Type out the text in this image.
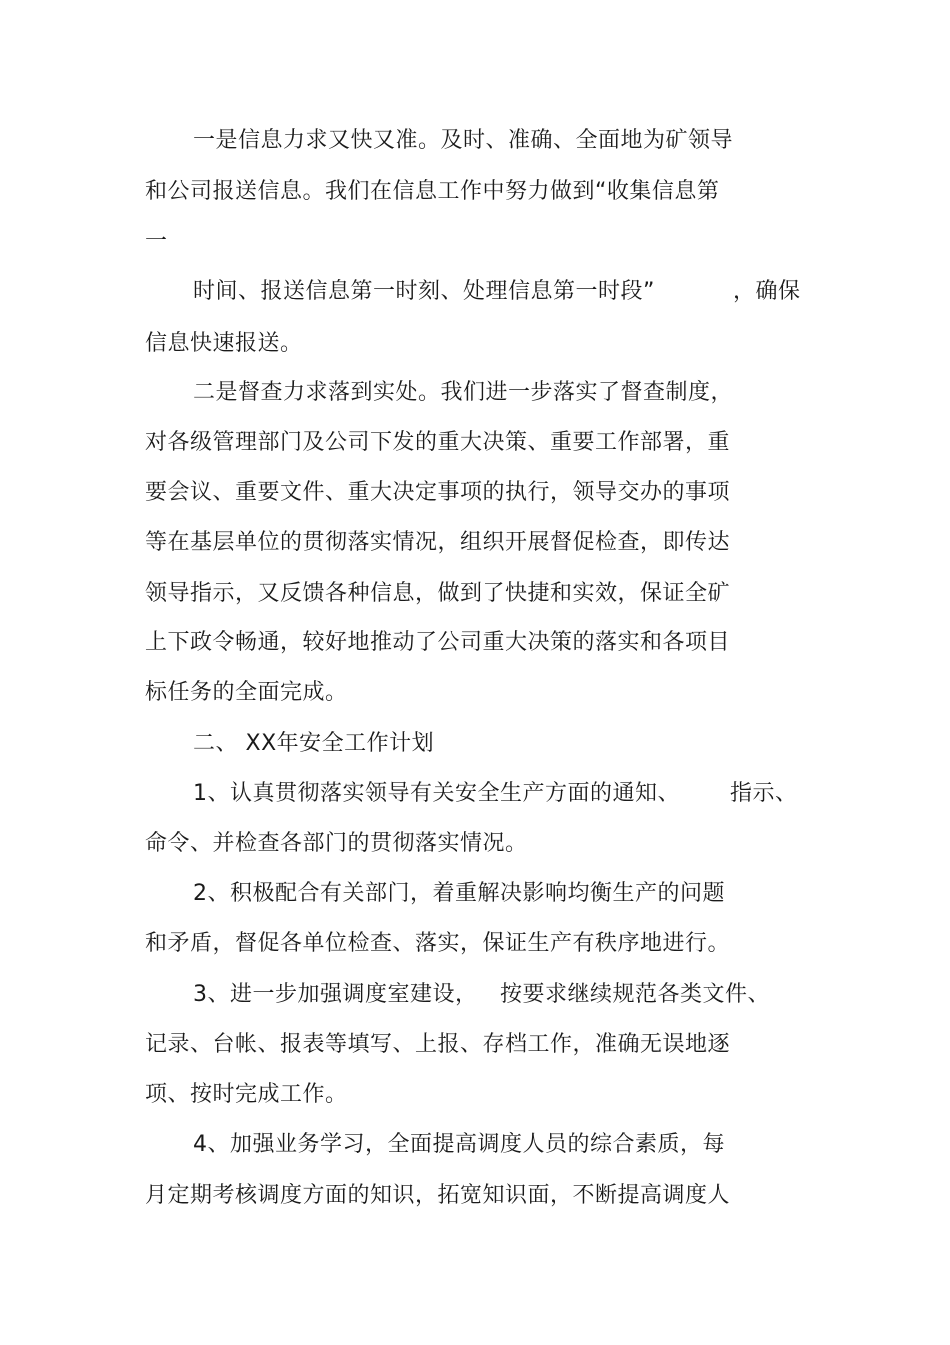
一是信息力求又快又准。及时、准确、全面地为矿领导
和公司报送信息。我们在信息工作中努力做到“收集信息第
一
时间、报送信息第一时刻、处理信息第一时段”	，确保
信息快速报送。
二是督查力求落到实处。我们进一步落实了督查制度，
对各级管理部门及公司下发的重大决策、重要工作部署，重
要会议、重要文件、重大决定事项的执行，领导交办的事项
等在基层单位的贯彻落实情况，组织开展督促检查，即传达
领导指示，又反馈各种信息，做到了快捷和实效，保证全矿
上下政令畅通，较好地推动了公司重大决策的落实和各项目
标任务的全面完成。
二、 XX年安全工作计划
1、认真贯彻落实领导有关安全生产方面的通知、 指示、
命令、并检查各部门的贯彻落实情况。
2、积极配合有关部门，着重解决影响均衡生产的问题
和矛盾，督促各单位检查、落实，保证生产有秩序地进行。
3、进一步加强调度室建设， 按要求继续规范各类文件、
记录、台帐、报表等填写、上报、存档工作，准确无误地逐
项、按时完成工作。
4、加强业务学习，全面提高调度人员的综合素质，每
月定期考核调度方面的知识，拓宽知识面，不断提高调度人
